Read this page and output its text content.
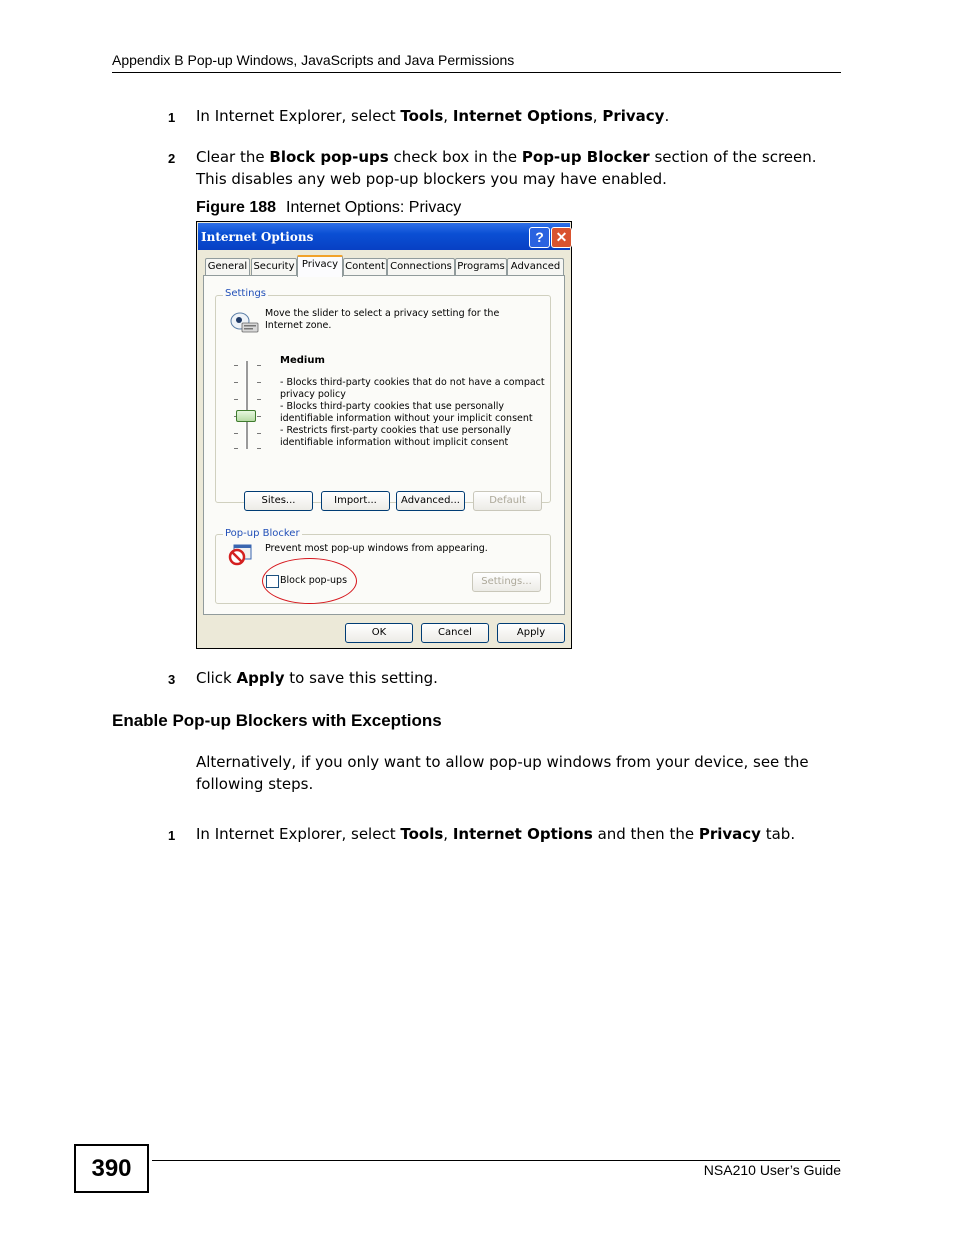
Appendix B Pop-up Windows, JavaScripts and Java Permissions
1 In Internet Explorer, select Tools, Internet Options, Privacy.
2 Clear the Block pop-ups check box in the Pop-up Blocker section of the screen. This disables any web pop-up blockers you may have enabled.
Figure 188 Internet Options: Privacy
Internet Options	? ✕
General Security Privacy Content Connections Programs Advanced
Settings
Move the slider to select a privacy setting for the Internet zone.
Medium
- Blocks third-party cookies that do not have a compact privacy policy
- Blocks third-party cookies that use personally identifiable information without your implicit consent
- Restricts first-party cookies that use personally identifiable information without implicit consent
Sites...	Import...	Advanced...	Default
Pop-up Blocker
Prevent most pop-up windows from appearing.
Block pop-ups	Settings...
OK	Cancel	Apply
3 Click Apply to save this setting.
Enable Pop-up Blockers with Exceptions
Alternatively, if you only want to allow pop-up windows from your device, see the following steps.
1 In Internet Explorer, select Tools, Internet Options and then the Privacy tab.
390	NSA210 User’s Guide
